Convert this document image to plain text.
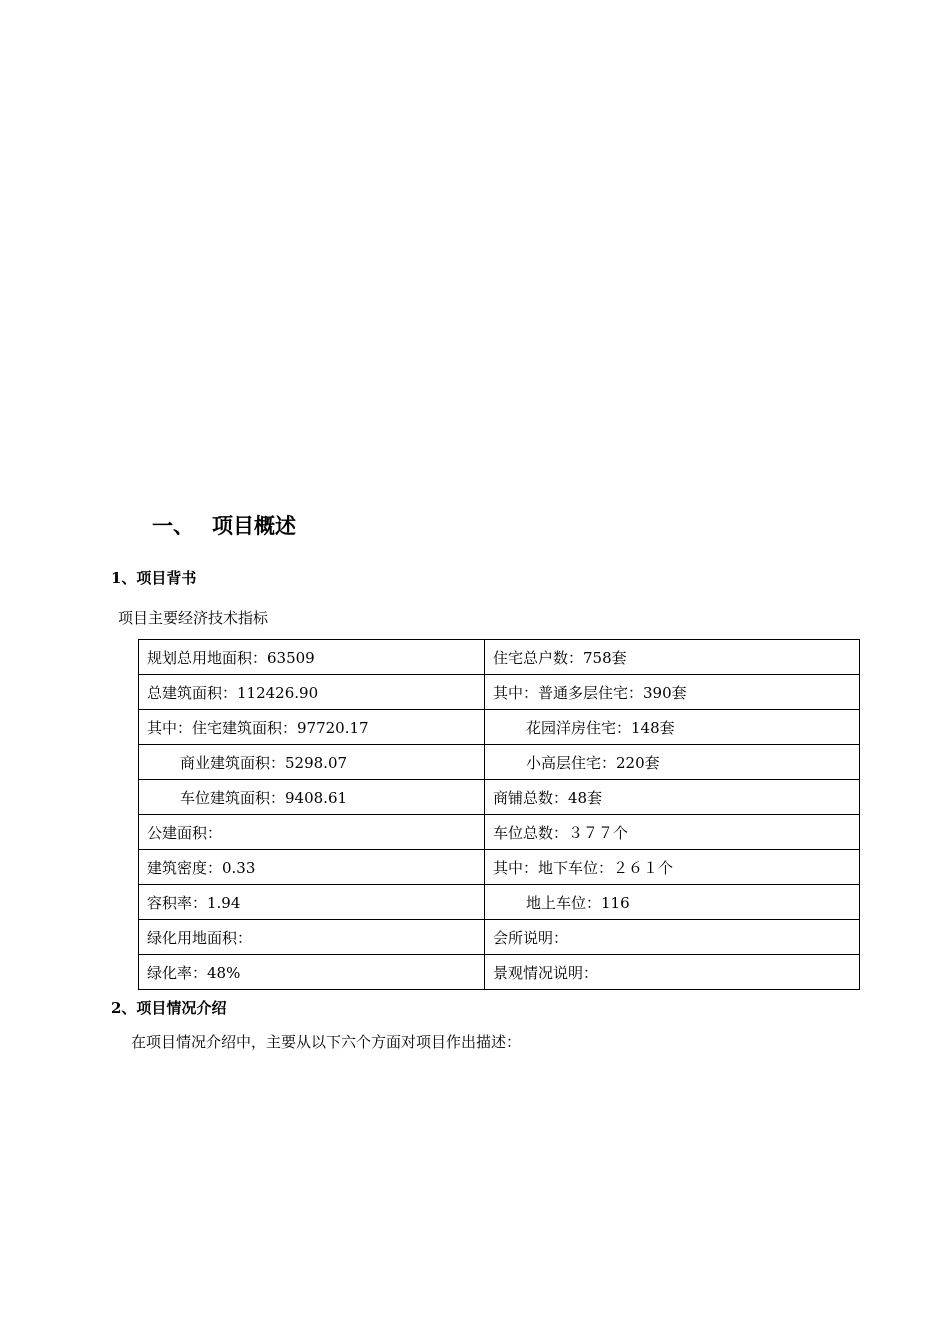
一、 项目概述
1、项目背书
项目主要经济技术指标
规划总用地面积：63509	住宅总户数：758套
总建筑面积：112426.90	其中：普通多层住宅：390套
其中：住宅建筑面积：97720.17	花园洋房住宅：148套
商业建筑面积：5298.07	小高层住宅：220套
车位建筑面积：9408.61	商铺总数：48套
公建面积：	车位总数：３７７个
建筑密度：0.33	其中：地下车位：２６１个
容积率：1.94	地上车位：116
绿化用地面积：	会所说明：
绿化率：48%	景观情况说明：
2、项目情况介绍
在项目情况介绍中，主要从以下六个方面对项目作出描述：
